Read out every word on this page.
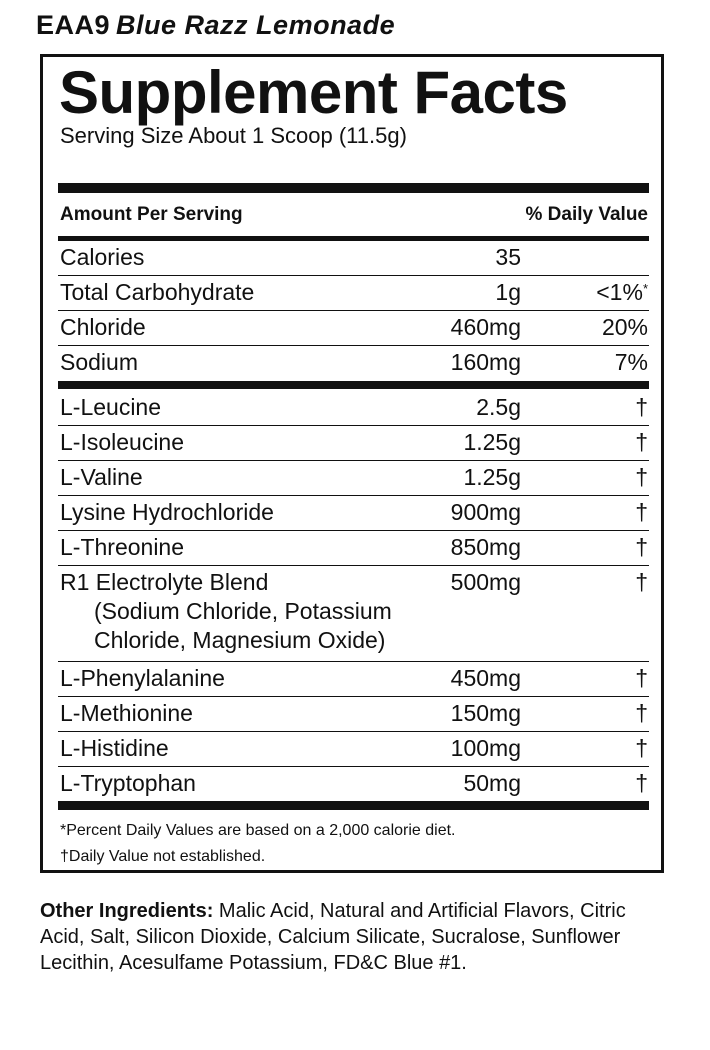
EAA9 Blue Razz Lemonade
Supplement Facts
Serving Size About 1 Scoop (11.5g)
Amount Per Serving	% Daily Value
Calories	35
Total Carbohydrate	1g	<1%*
Chloride	460mg	20%
Sodium	160mg	7%
L-Leucine	2.5g	†
L-Isoleucine	1.25g	†
L-Valine	1.25g	†
Lysine Hydrochloride	900mg	†
L-Threonine	850mg	†
R1 Electrolyte Blend	500mg	†
(Sodium Chloride, Potassium
Chloride, Magnesium Oxide)
L-Phenylalanine	450mg	†
L-Methionine	150mg	†
L-Histidine	100mg	†
L-Tryptophan	50mg	†
*Percent Daily Values are based on a 2,000 calorie diet.
†Daily Value not established.
Other Ingredients: Malic Acid, Natural and Artificial Flavors, Citric Acid, Salt, Silicon Dioxide, Calcium Silicate, Sucralose, Sunflower Lecithin, Acesulfame Potassium, FD&C Blue #1.
